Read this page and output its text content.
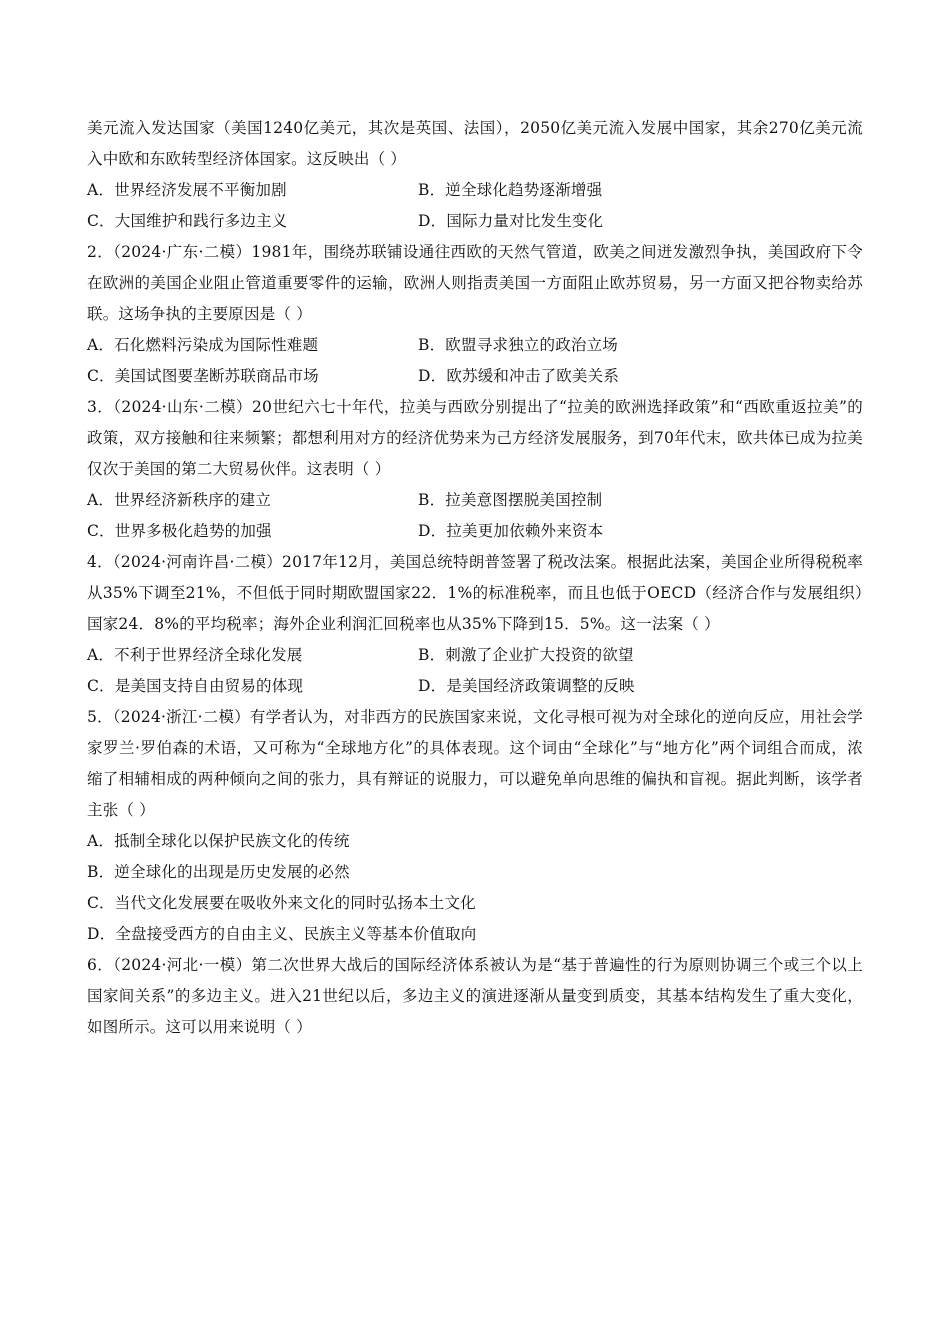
美元流入发达国家（美国1240亿美元，其次是英国、法国），2050亿美元流入发展中国家，其余270亿美元流入中欧和东欧转型经济体国家。这反映出（ ）

A．世界经济发展不平衡加剧	B．逆全球化趋势逐渐增强
C．大国维护和践行多边主义	D．国际力量对比发生变化

2．（2024·广东·二模）1981年，围绕苏联铺设通往西欧的天然气管道，欧美之间迸发激烈争执，美国政府下令在欧洲的美国企业阻止管道重要零件的运输，欧洲人则指责美国一方面阻止欧苏贸易，另一方面又把谷物卖给苏联。这场争执的主要原因是（ ）

A．石化燃料污染成为国际性难题	B．欧盟寻求独立的政治立场
C．美国试图要垄断苏联商品市场	D．欧苏缓和冲击了欧美关系

3．（2024·山东·二模）20世纪六七十年代，拉美与西欧分别提出了“拉美的欧洲选择政策”和“西欧重返拉美”的政策，双方接触和往来频繁；都想利用对方的经济优势来为己方经济发展服务，到70年代末，欧共体已成为拉美仅次于美国的第二大贸易伙伴。这表明（ ）

A．世界经济新秩序的建立	B．拉美意图摆脱美国控制
C．世界多极化趋势的加强	D．拉美更加依赖外来资本

4．（2024·河南许昌·二模）2017年12月，美国总统特朗普签署了税改法案。根据此法案，美国企业所得税税率从35%下调至21%，不但低于同时期欧盟国家22．1%的标准税率，而且也低于OECD（经济合作与发展组织）国家24．8%的平均税率；海外企业利润汇回税率也从35%下降到15．5%。这一法案（ ）

A．不利于世界经济全球化发展	B．刺激了企业扩大投资的欲望
C．是美国支持自由贸易的体现	D．是美国经济政策调整的反映

5．（2024·浙江·二模）有学者认为，对非西方的民族国家来说，文化寻根可视为对全球化的逆向反应，用社会学家罗兰·罗伯森的术语，又可称为“全球地方化”的具体表现。这个词由“全球化”与“地方化”两个词组合而成，浓缩了相辅相成的两种倾向之间的张力，具有辩证的说服力，可以避免单向思维的偏执和盲视。据此判断，该学者主张（ ）

A．抵制全球化以保护民族文化的传统
B．逆全球化的出现是历史发展的必然
C．当代文化发展要在吸收外来文化的同时弘扬本土文化
D．全盘接受西方的自由主义、民族主义等基本价值取向

6．（2024·河北·一模）第二次世界大战后的国际经济体系被认为是“基于普遍性的行为原则协调三个或三个以上国家间关系”的多边主义。进入21世纪以后，多边主义的演进逐渐从量变到质变，其基本结构发生了重大变化，如图所示。这可以用来说明（ ）
